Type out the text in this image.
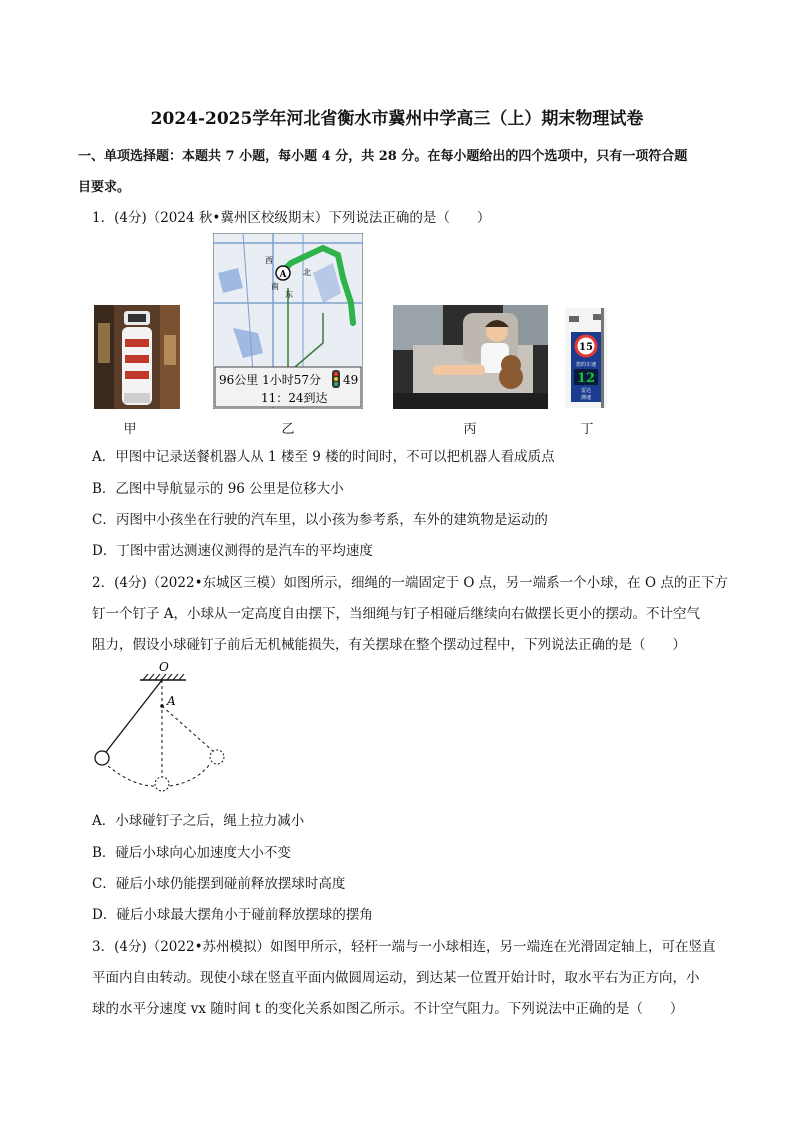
2024-2025学年河北省衡水市冀州中学高三（上）期末物理试卷
一、单项选择题：本题共 7 小题，每小题 4 分，共 28 分。在每小题给出的四个选项中，只有一项符合题
目要求。
1．(4分)（2024 秋•冀州区校级期末）下列说法正确的是（　　）
A
西
北
南
东
96公里 1小时57分 49
11：24到达
15
您的车速
12
雷达
测速
甲	乙	丙	丁
A．甲图中记录送餐机器人从 1 楼至 9 楼的时间时，不可以把机器人看成质点
B．乙图中导航显示的 96 公里是位移大小
C．丙图中小孩坐在行驶的汽车里，以小孩为参考系，车外的建筑物是运动的
D．丁图中雷达测速仪测得的是汽车的平均速度
2．(4分)（2022•东城区三模）如图所示，细绳的一端固定于 O 点，另一端系一个小球，在 O 点的正下方
钉一个钉子 A，小球从一定高度自由摆下，当细绳与钉子相碰后继续向右做摆长更小的摆动。不计空气
阻力，假设小球碰钉子前后无机械能损失，有关摆球在整个摆动过程中，下列说法正确的是（　　）
O
A
A．小球碰钉子之后，绳上拉力减小
B．碰后小球向心加速度大小不变
C．碰后小球仍能摆到碰前释放摆球时高度
D．碰后小球最大摆角小于碰前释放摆球的摆角
3．(4分)（2022•苏州模拟）如图甲所示，轻杆一端与一小球相连，另一端连在光滑固定轴上，可在竖直
平面内自由转动。现使小球在竖直平面内做圆周运动，到达某一位置开始计时，取水平右为正方向，小
球的水平分速度 vx 随时间 t 的变化关系如图乙所示。不计空气阻力。下列说法中正确的是（　　）
